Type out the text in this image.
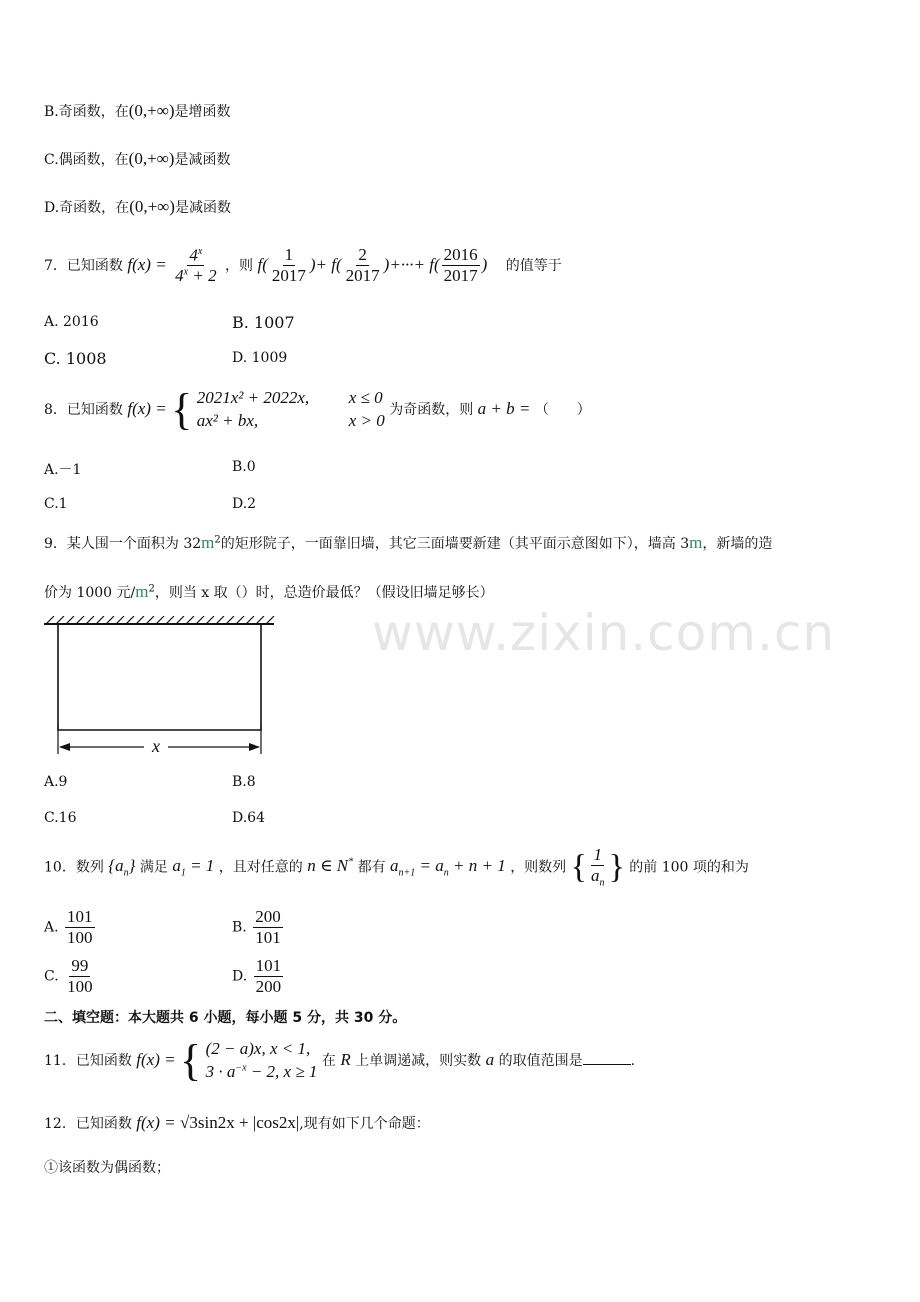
www.zixin.com.cn
B.奇函数，在(0,+∞)是增函数
C.偶函数，在(0,+∞)是减函数
D.奇函数，在(0,+∞)是减函数
7．已知函数 $f(x) = \frac{4^x}{4^x + 2}$ ，则 $f( \frac{1}{2017}$ )+ $f( \frac{2}{2017}$ )+···+ $f( \frac{2016}{2017}$ ) 的值等于
A. 2016	B. 1007
C. 1008	D. 1009
8．已知函数 f(x) = { 2021x² + 2022x,	x ≤ 0
ax² + bx,	x > 0
为奇函数，则 a + b = （　　）
A.－1	B.0
C.1	D.2
9．某人围一个面积为 $32m^2$的矩形院子，一面靠旧墙，其它三面墙要新建（其平面示意图如下），墙高 3m，新墙的造
价为 1000 元$/m^2$，则当 x 取（）时，总造价最低？（假设旧墙足够长）
x
A.9	B.8
C.16	D.64
10．数列 $\{a_n\}$ 满足 $a_1 = 1$ ，且对任意的 n ∈ N* 都有 $a_{n+1} = a_n + n + 1$ ，则数列 { $\frac{1}{a_n}$ } 的前 100 项的和为
A. $\frac{101}{100}$	B. $\frac{200}{101}$
C. $\frac{99}{100}$	D. $\frac{101}{200}$
二、填空题：本大题共 6 小题，每小题 5 分，共 30 分。
11．已知函数 f(x) = { (2 − a)x, x < 1,
$3 \cdot a^{-x} - 2$, x ≥ 1
在 R 上单调递减，则实数 a 的取值范围是	.
12．已知函数 f(x) = √3sin2x + |cos2x|,现有如下几个命题：
①该函数为偶函数；
